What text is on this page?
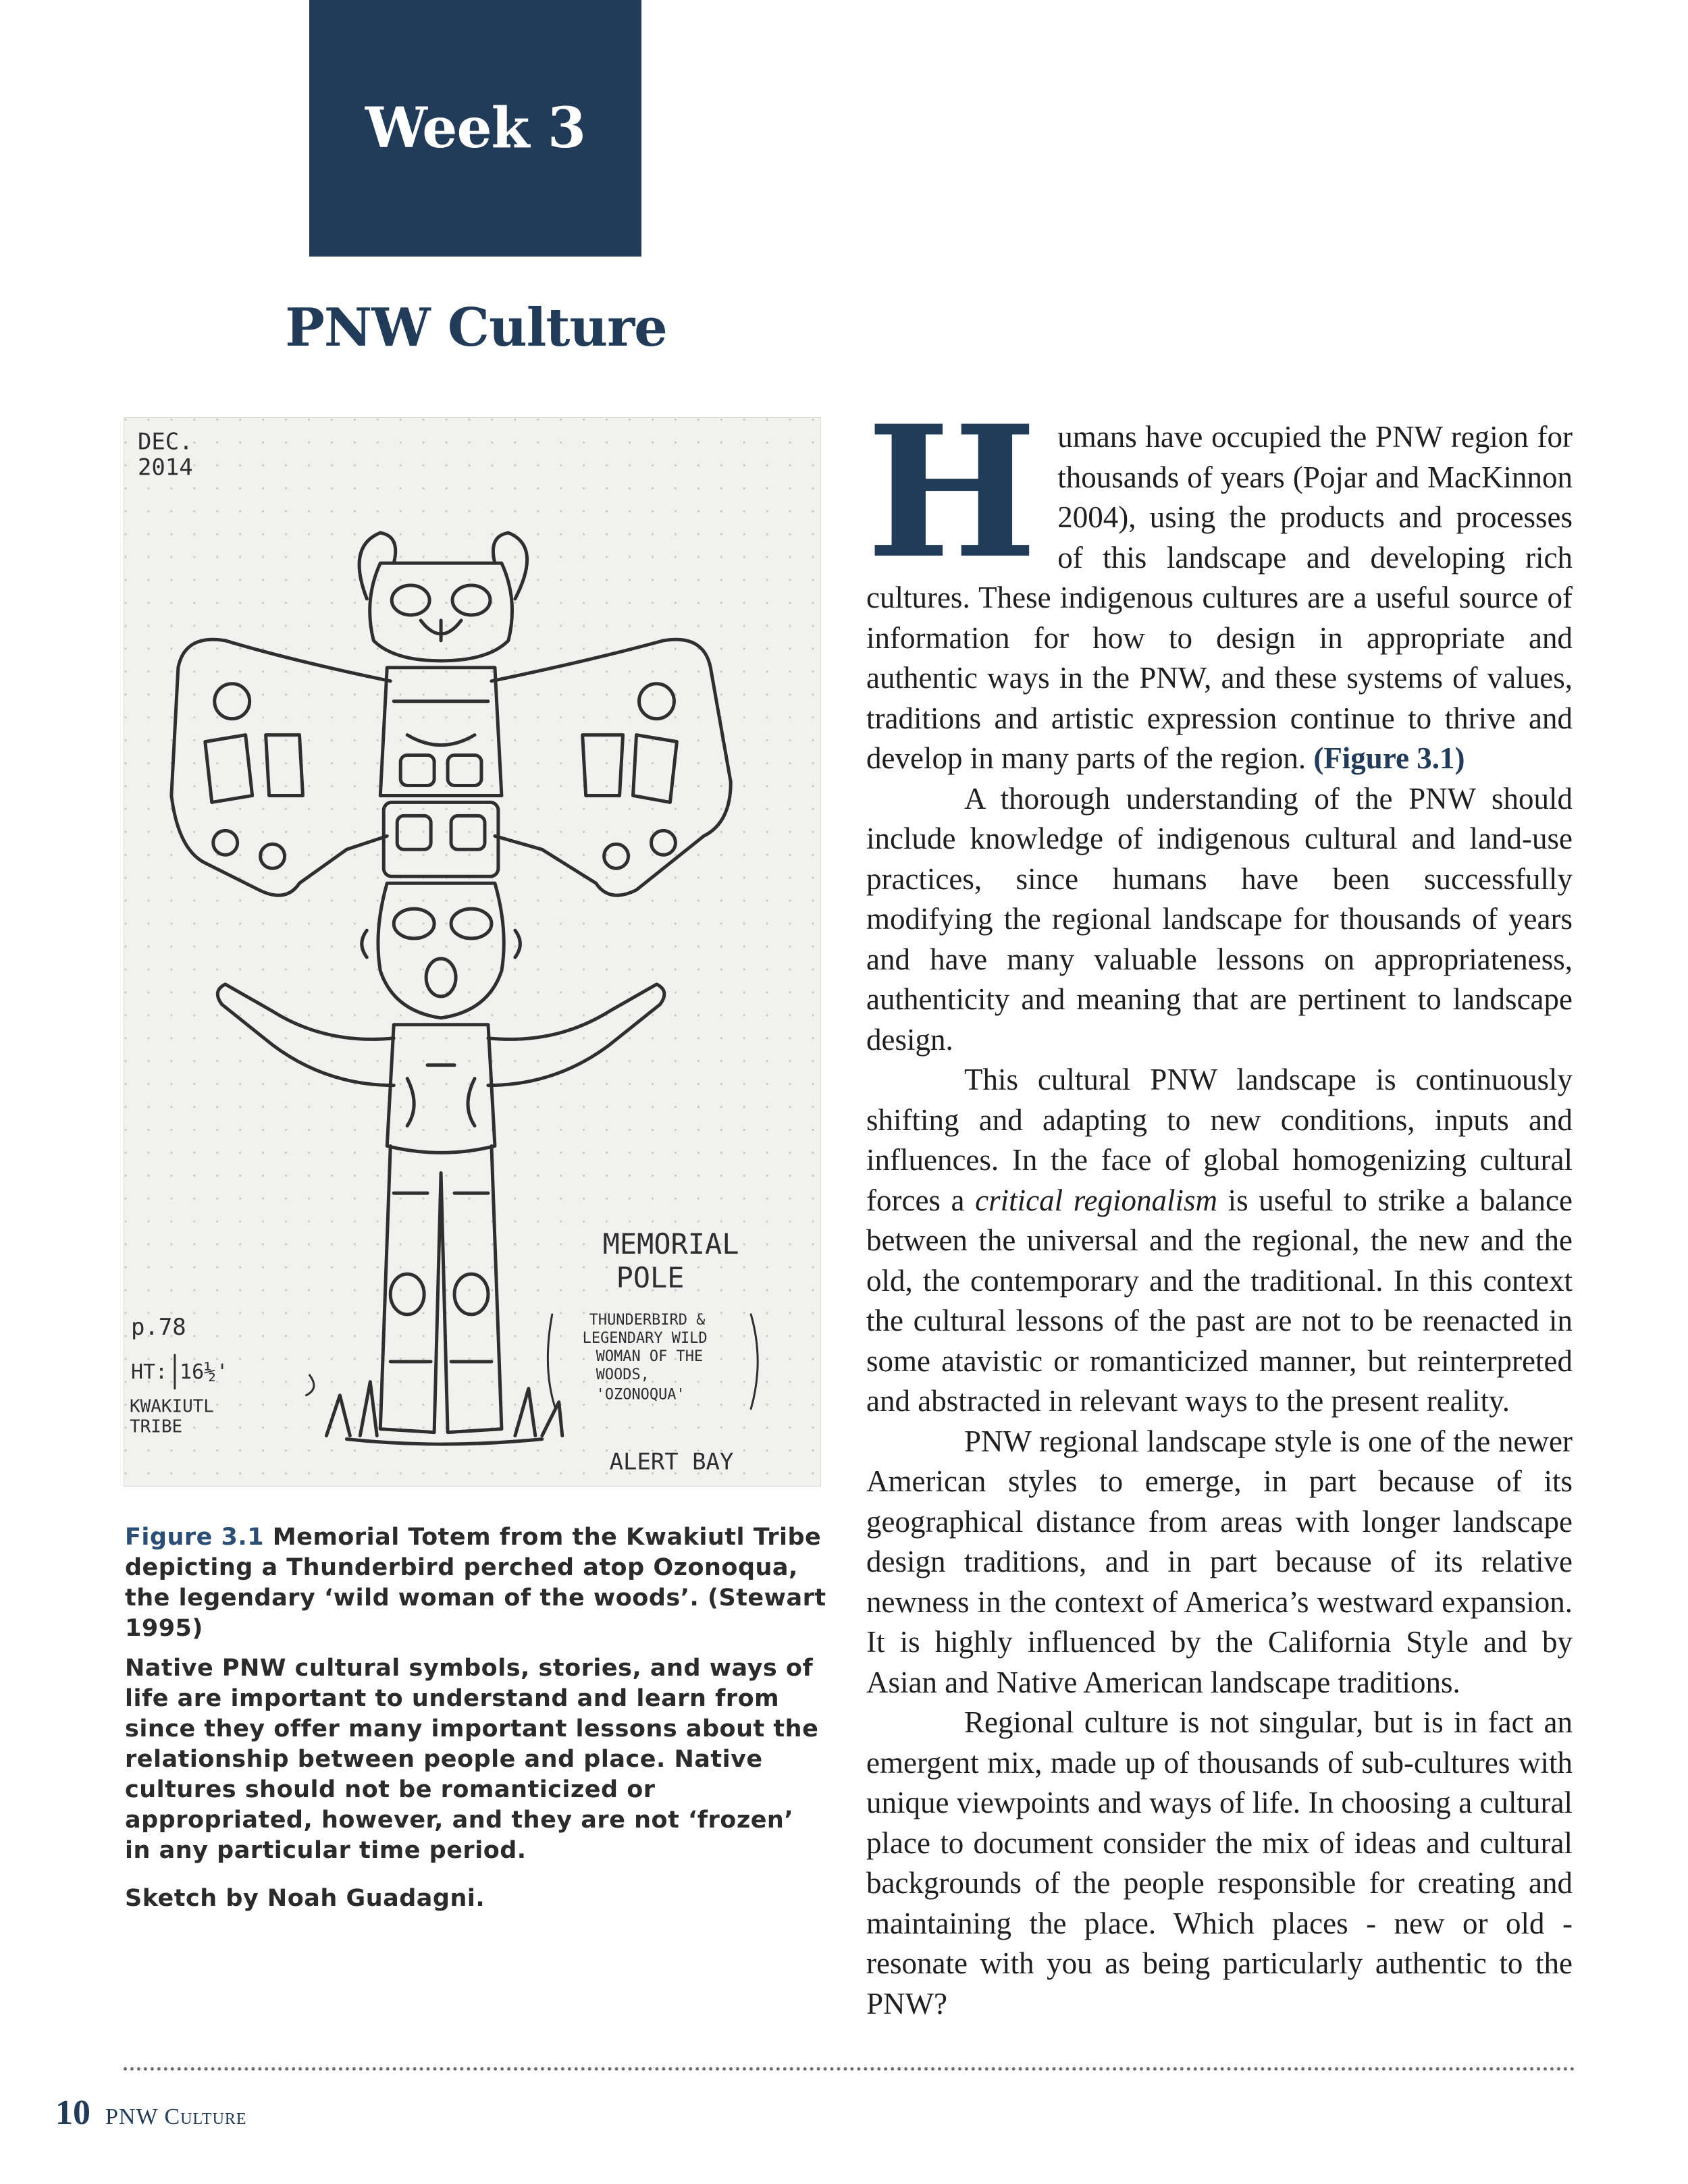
Week 3
PNW Culture
DEC.
2014
MEMORIAL
POLE
THUNDERBIRD &
LEGENDARY WILD
WOMAN OF THE
WOODS,
'OZONOQUA'
p.78
HT: 16½'
KWAKIUTL
TRIBE
ALERT BAY

Figure 3.1 Memorial Totem from the Kwakiutl Tribe depicting a Thunderbird perched atop Ozonoqua, the legendary ‘wild woman of the woods’. (Stewart 1995)

Native PNW cultural symbols, stories, and ways of life are important to understand and learn from since they offer many important lessons about the relationship between people and place. Native cultures should not be romanticized or appropriated, however, and they are not ‘frozen’ in any particular time period.

Sketch by Noah Guadagni.

Humans have occupied the PNW region for thousands of years (Pojar and MacKinnon 2004), using the products and processes of this landscape and developing rich cultures. These indigenous cultures are a useful source of information for how to design in appropriate and authentic ways in the PNW, and these systems of values, traditions and artistic expression continue to thrive and develop in many parts of the region. (Figure 3.1)

A thorough understanding of the PNW should include knowledge of indigenous cultural and land-use practices, since humans have been successfully modifying the regional landscape for thousands of years and have many valuable lessons on appropriateness, authenticity and meaning that are pertinent to landscape design.

This cultural PNW landscape is continuously shifting and adapting to new conditions, inputs and influences. In the face of global homogenizing cultural forces a critical regionalism is useful to strike a balance between the universal and the regional, the new and the old, the contemporary and the traditional. In this context the cultural lessons of the past are not to be reenacted in some atavistic or romanticized manner, but reinterpreted and abstracted in relevant ways to the present reality.

PNW regional landscape style is one of the newer American styles to emerge, in part because of its geographical distance from areas with longer landscape design traditions, and in part because of its relative newness in the context of America’s westward expansion. It is highly influenced by the California Style and by Asian and Native American landscape traditions.

Regional culture is not singular, but is in fact an emergent mix, made up of thousands of sub-cultures with unique viewpoints and ways of life. In choosing a cultural place to document consider the mix of ideas and cultural backgrounds of the people responsible for creating and maintaining the place. Which places - new or old - resonate with you as being particularly authentic to the PNW?

10 PNW Culture
